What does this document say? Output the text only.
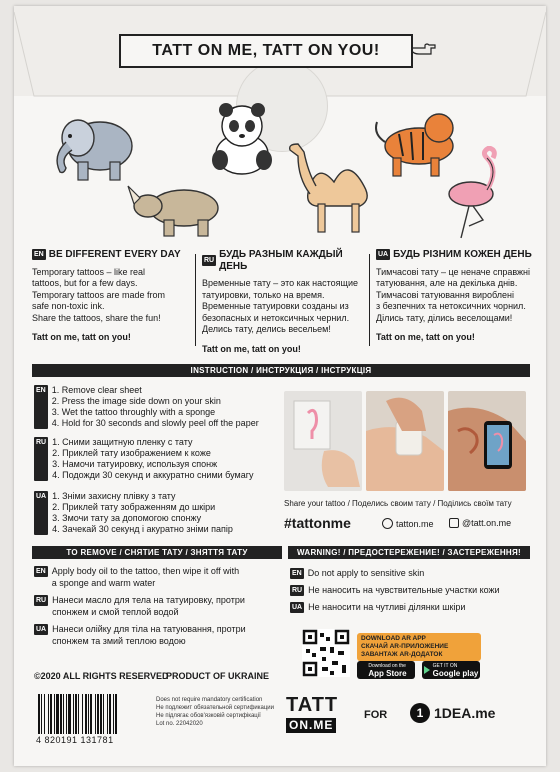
TATT ON ME, TATT ON YOU!
EN BE DIFFERENT EVERY DAY
Temporary tattoos – like real
tattoos, but for a few days.
Temporary tattoos are made from
safe non-toxic ink.
Share the tattoos, share the fun!
Tatt on me, tatt on you!
RU
БУДЬ РАЗНЫМ КАЖДЫЙ ДЕНЬ
Временные тату – это как настоящие
татуировки, только на время.
Временные татуировки созданы из
безопасных и нетоксичных чернил.
Делись тату, делись весельем!
Tatt on me, tatt on you!
UA БУДЬ РІЗНИМ КОЖЕН ДЕНЬ
Тимчасові тату – це неначе справжні
татуювання, але на декілька днів.
Тимчасові татуювання вироблені
з безпечних та нетоксичних чорнил.
Ділись тату, ділись веселощами!
Tatt on me, tatt on you!
INSTRUCTION / ИНСТРУКЦИЯ / ІНСТРУКЦІЯ
EN 1. Remove clear sheet
2. Press the image side down on your skin
3. Wet the tattoo throughly with a sponge
4. Hold for 30 seconds and slowly peel off the paper
RU 1. Сними защитную пленку с тату
2. Приклей тату изображением к коже
3. Намочи татуировку, используя спонж
4. Подожди 30 секунд и аккуратно сними бумагу
UA 1. Зніми захисну плівку з тату
2. Приклей тату зображенням до шкіри
3. Змочи тату за допомогою спонжу
4. Зачекай 30 секунд і акуратно зніми папір
Share your tattoo / Поделись своим тату / Поділись своїм тату
#tattonme	tatton.me	@tatt.on.me
TO REMOVE / СНЯТИЕ ТАТУ / ЗНЯТТЯ ТАТУ
EN Apply body oil to the tattoo, then wipe it off with
a sponge and warm water
RU Нанеси масло для тела на татуировку, протри
спонжем и смой теплой водой
UA Нанеси олійку для тіла на татуювання, протри
спонжем та змий теплою водою
WARNING! / ПРЕДОСТЕРЕЖЕНИЕ! / ЗАСТЕРЕЖЕННЯ!
EN Do not apply to sensitive skin
RU Не наносить на чувствительные участки кожи
UA Не наносити на чутливі ділянки шкіри
DOWNLOAD AR APP
СКАЧАЙ AR-ПРИЛОЖЕНИЕ
ЗАВАНТАЖ AR-ДОДАТОК
Download on the
App Store
GET IT ON
Google play
©2020 ALL RIGHTS RESERVED
PRODUCT OF UKRAINE
4 820191 131781
Does not require mandatory certification
Не подлежит обязательной сертификации
Не підлягає обов'язковій сертифікації
Lot no. 22042020
TATT
ON.ME
FOR	1 1DEA.me
